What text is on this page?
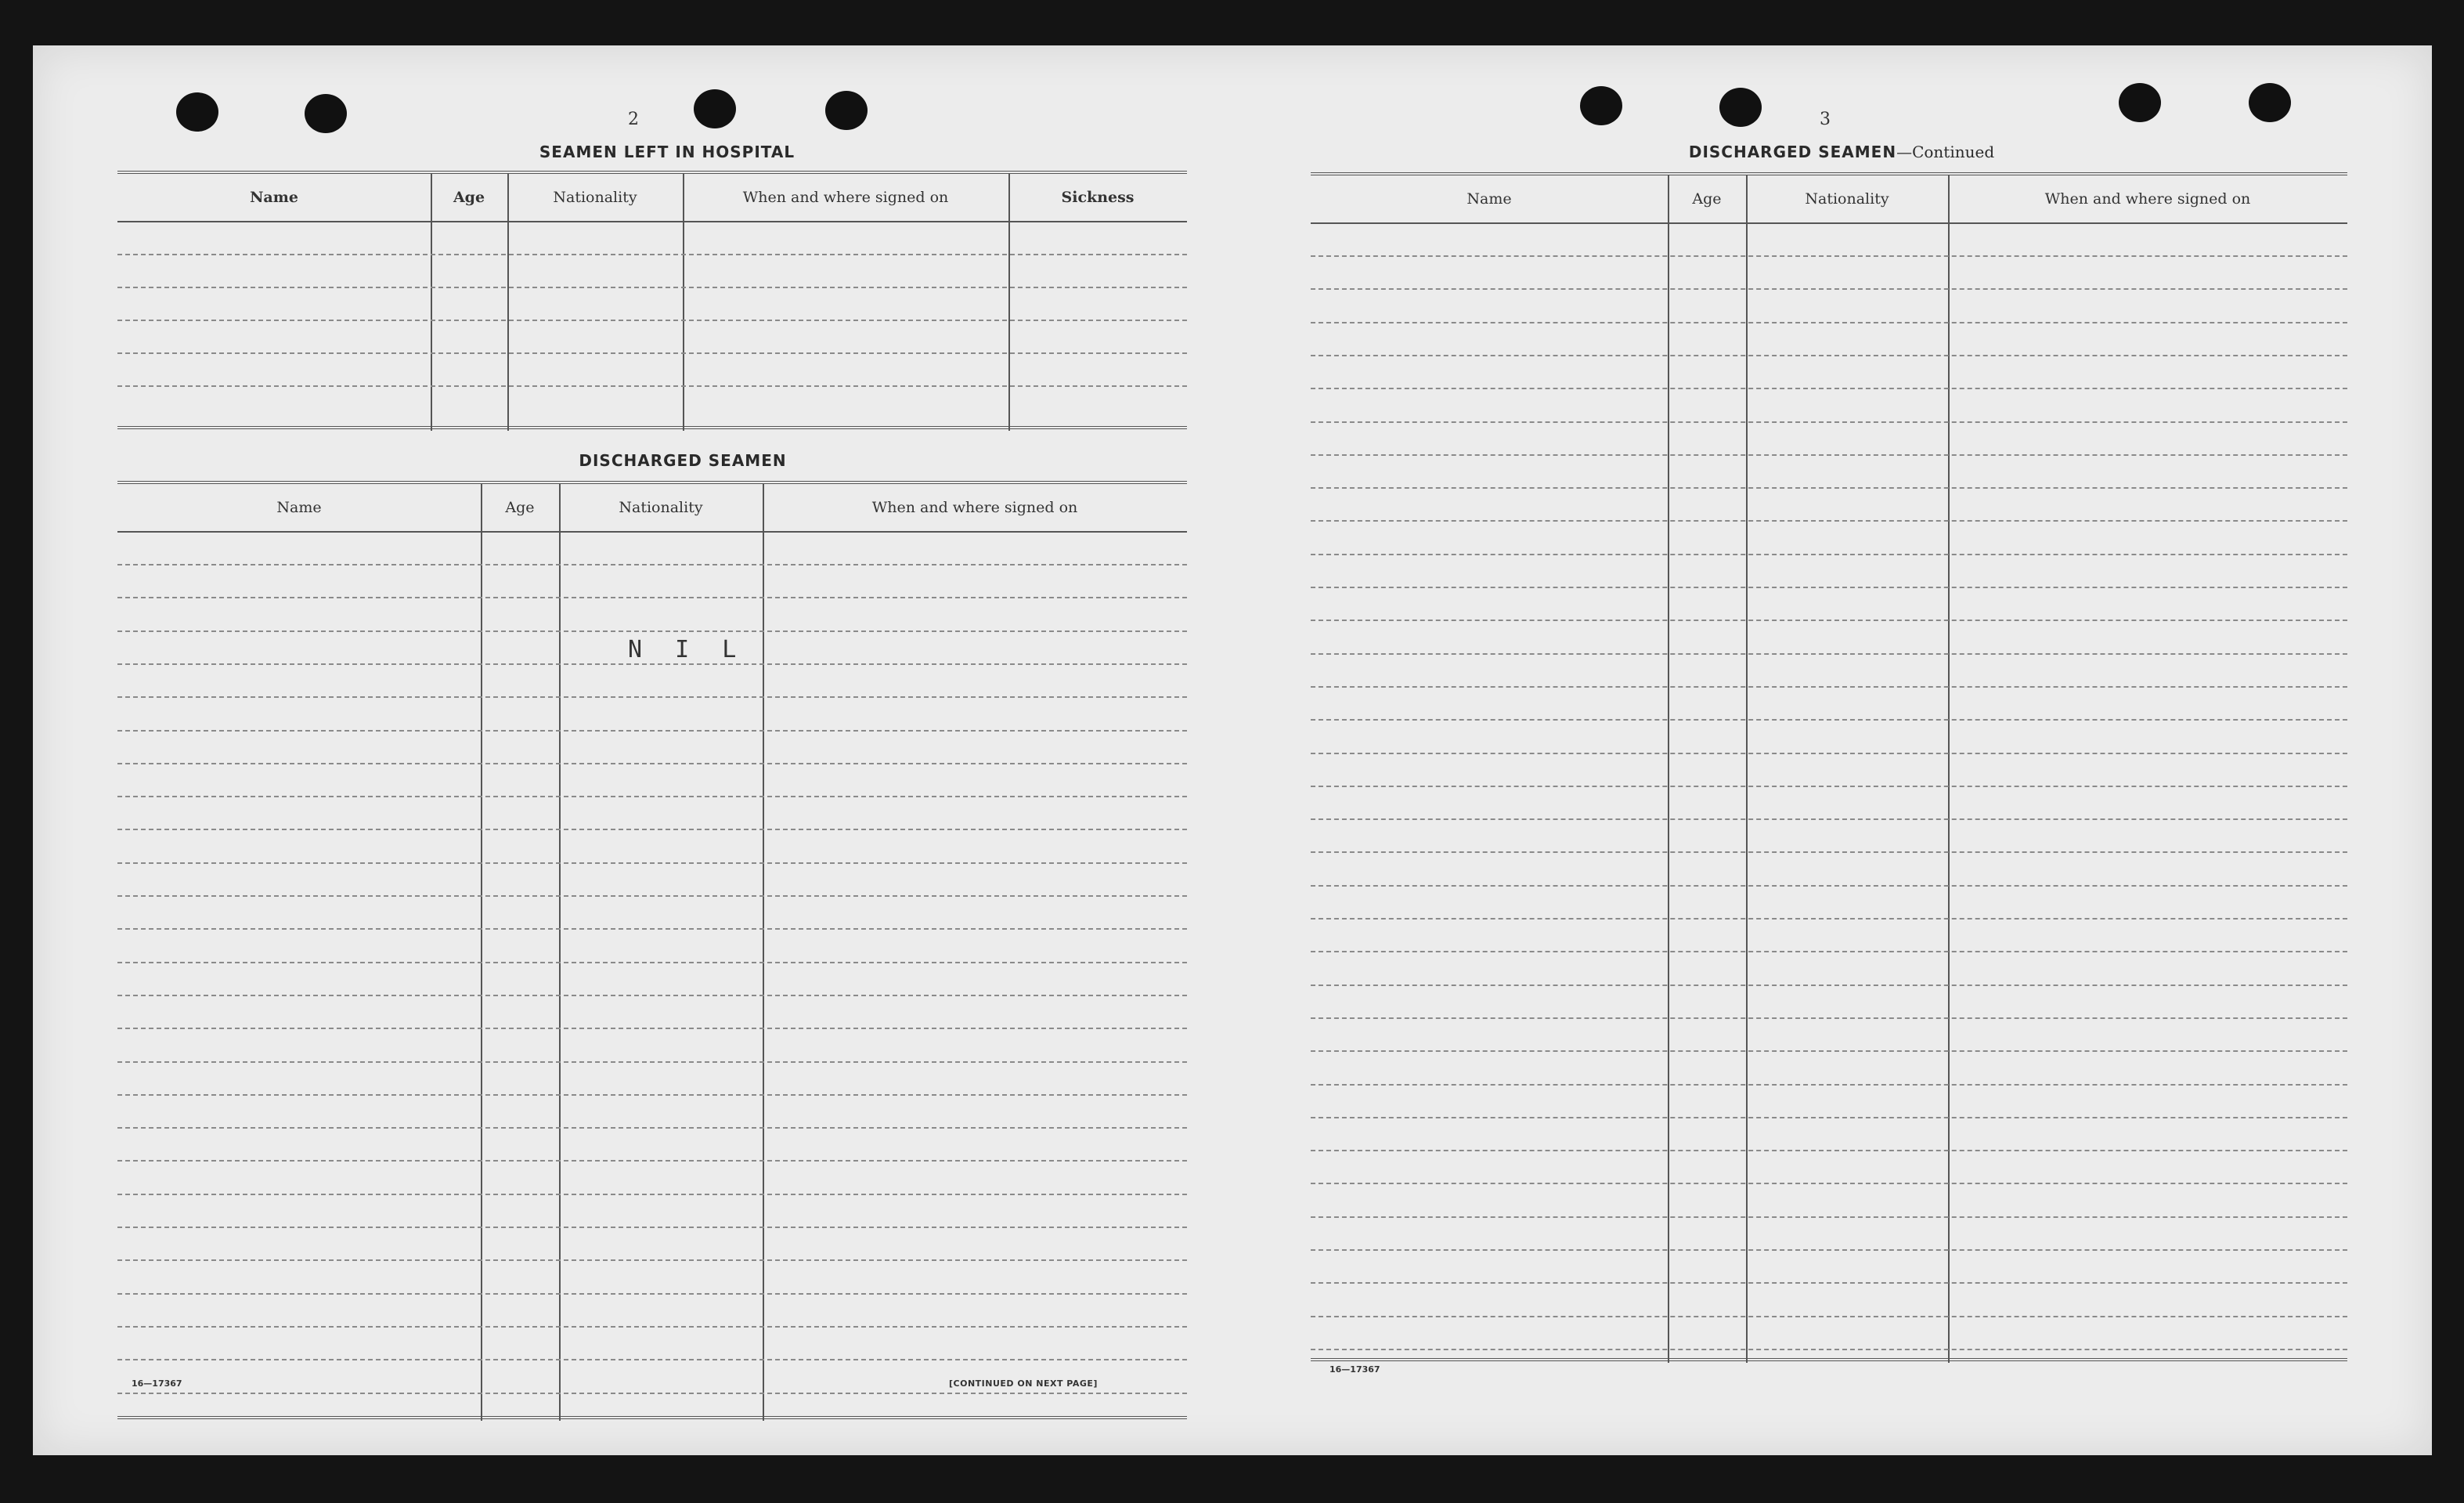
2
SEAMEN LEFT IN HOSPITAL
Name	Age	Nationality	When and where signed on	Sickness
DISCHARGED SEAMEN
Name	Age	Nationality	When and where signed on
N I L
16—17367	[CONTINUED ON NEXT PAGE]
3
DISCHARGED SEAMEN—Continued
Name	Age	Nationality	When and where signed on
16—17367
